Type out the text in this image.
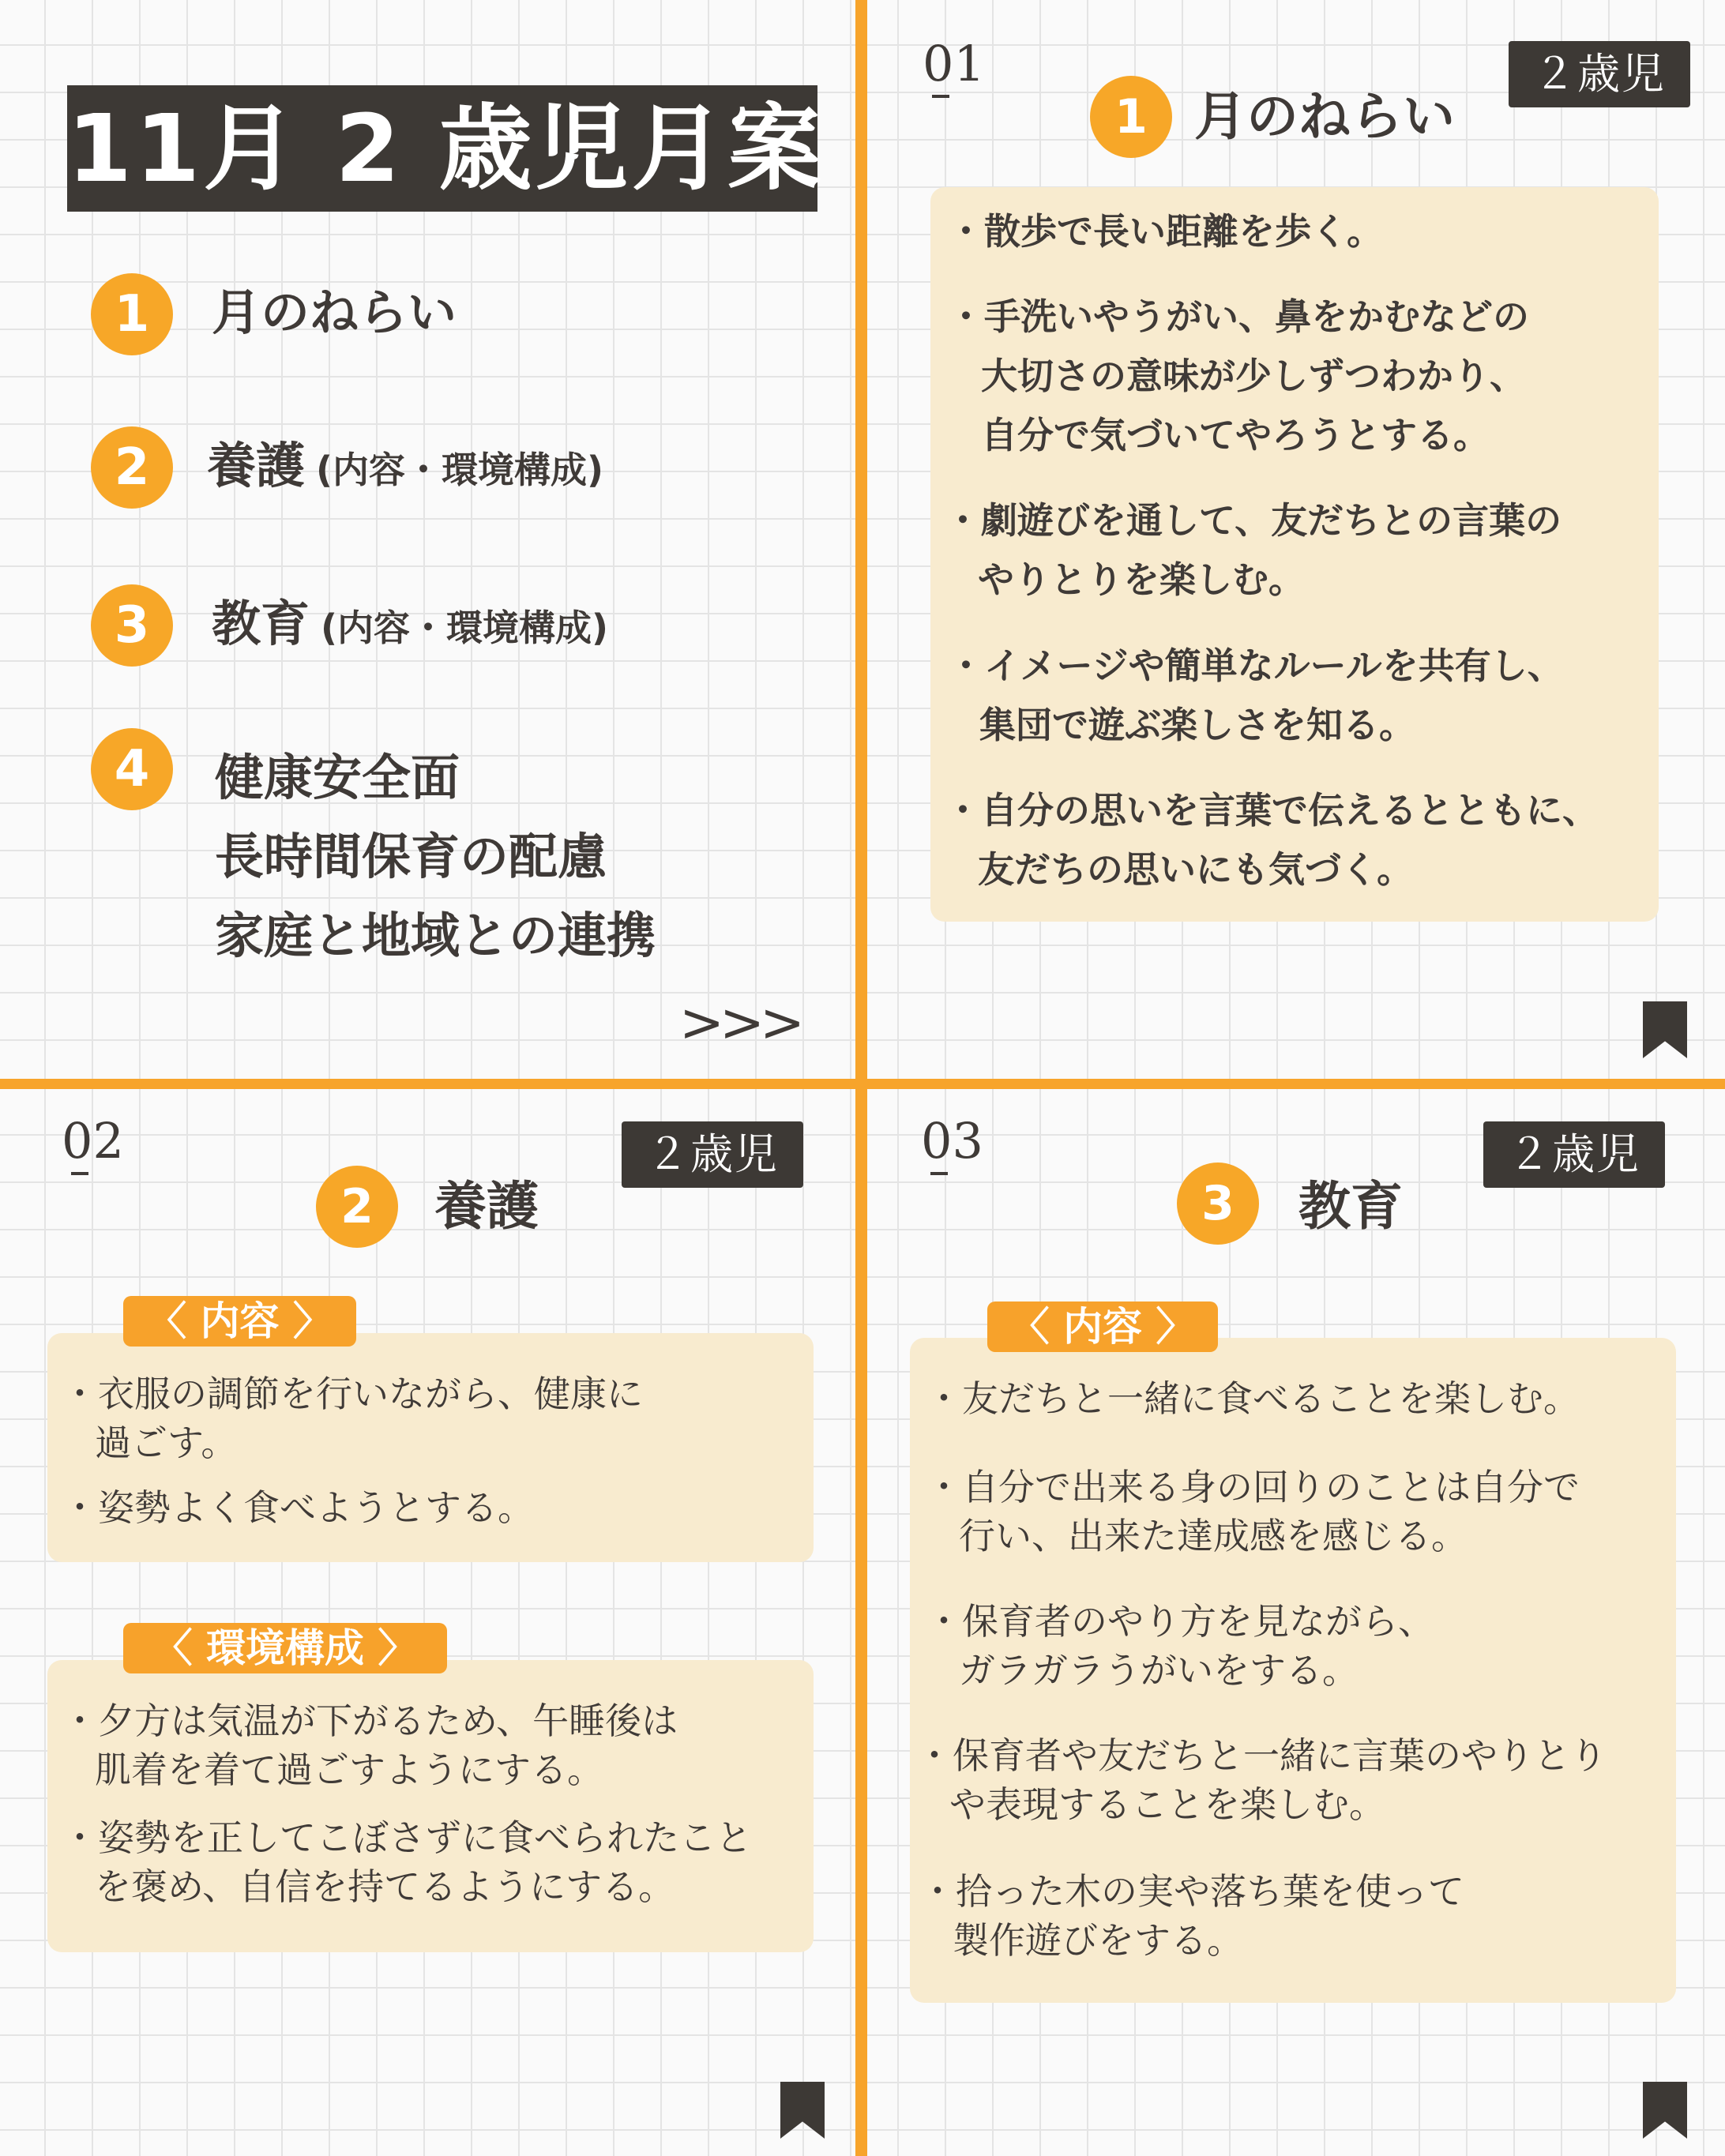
11月 2 歳児月案
1	月のねらい
2	養護 (内容・環境構成)
3	教育 (内容・環境構成)
4	健康安全面
長時間保育の配慮
家庭と地域との連携
>>>
01	２歳児
1 月のねらい
・散歩で長い距離を歩く。
・手洗いやうがい、鼻をかむなどの
大切さの意味が少しずつわかり、
自分で気づいてやろうとする。
・劇遊びを通して、友だちとの言葉の
やりとりを楽しむ。
・イメージや簡単なルールを共有し、
集団で遊ぶ楽しさを知る。
・自分の思いを言葉で伝えるとともに、
友だちの思いにも気づく。
02	２歳児
2	養護
〈 内容 〉
・衣服の調節を行いながら、健康に
過ごす。
・姿勢よく食べようとする。
〈 環境構成 〉
・夕方は気温が下がるため、午睡後は
肌着を着て過ごすようにする。
・姿勢を正してこぼさずに食べられたこと
を褒め、自信を持てるようにする。
03	２歳児
3	教育
〈 内容 〉
・友だちと一緒に食べることを楽しむ。
・自分で出来る身の回りのことは自分で
行い、出来た達成感を感じる。
・保育者のやり方を見ながら、
ガラガラうがいをする。
・保育者や友だちと一緒に言葉のやりとり
や表現することを楽しむ。
・拾った木の実や落ち葉を使って
製作遊びをする。
